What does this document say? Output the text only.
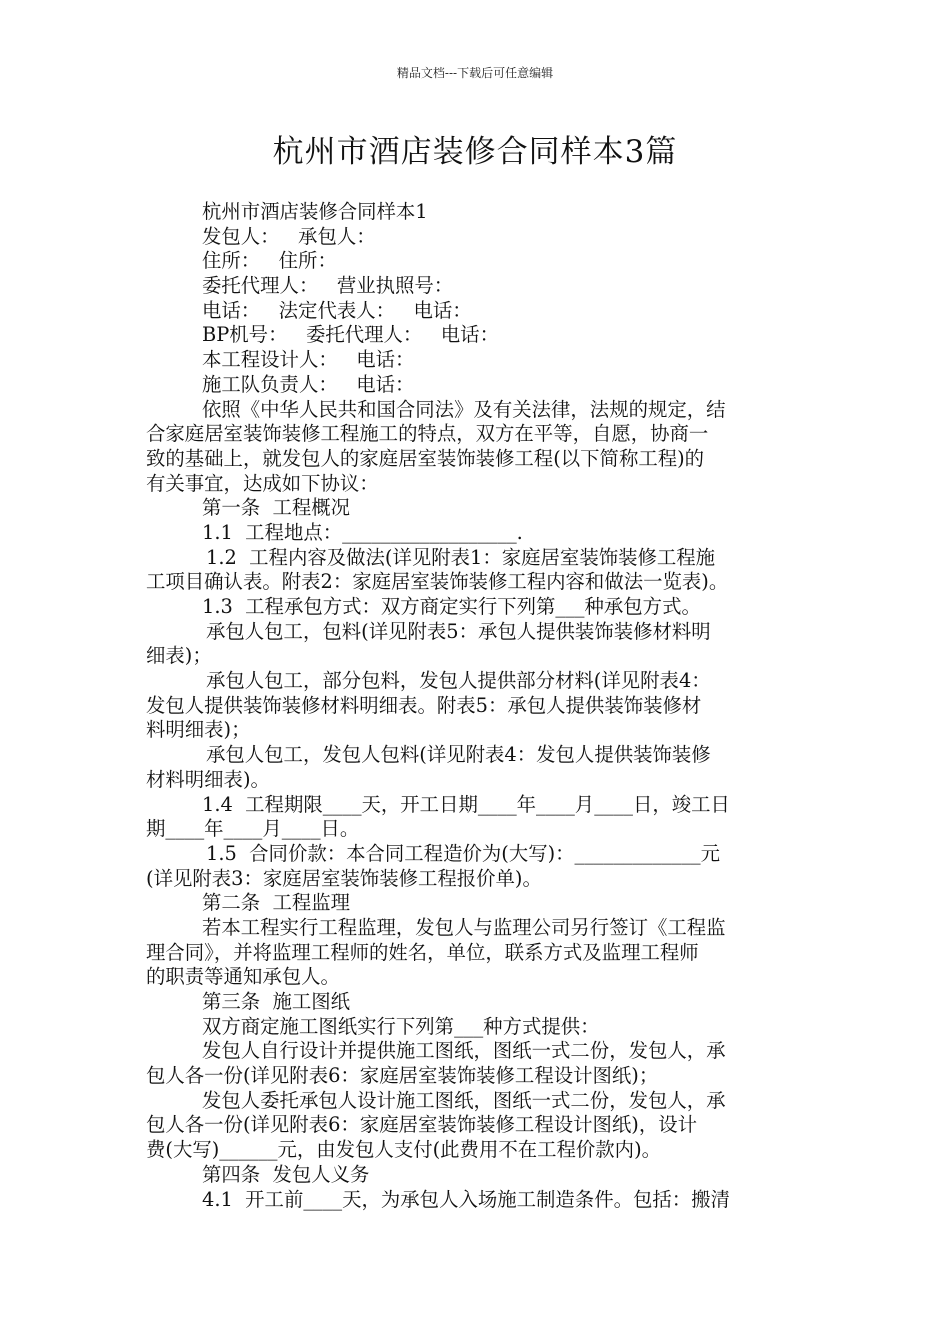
精品文档---下载后可任意编辑
杭州市酒店装修合同样本3篇
杭州市酒店装修合同样本1
发包人：   承包人：
住所：   住所：
委托代理人：   营业执照号：
电话：   法定代表人：   电话：
BP机号：   委托代理人：   电话：
本工程设计人：   电话：
施工队负责人：   电话：
依照《中华人民共和国合同法》及有关法律，法规的规定，结
合家庭居室装饰装修工程施工的特点，双方在平等，自愿，协商一
致的基础上，就发包人的家庭居室装饰装修工程(以下简称工程)的
有关事宜，达成如下协议：
第一条  工程概况
1.1  工程地点：__________________.
1.2  工程内容及做法(详见附表1：家庭居室装饰装修工程施
工项目确认表。附表2：家庭居室装饰装修工程内容和做法一览表)。
1.3  工程承包方式：双方商定实行下列第___种承包方式。
承包人包工，包料(详见附表5：承包人提供装饰装修材料明
细表)；
承包人包工，部分包料，发包人提供部分材料(详见附表4：
发包人提供装饰装修材料明细表。附表5：承包人提供装饰装修材
料明细表)；
承包人包工，发包人包料(详见附表4：发包人提供装饰装修
材料明细表)。
1.4  工程期限____天，开工日期____年____月____日，竣工日
期____年____月____日。
1.5  合同价款：本合同工程造价为(大写)：_____________元
(详见附表3：家庭居室装饰装修工程报价单)。
第二条  工程监理
若本工程实行工程监理，发包人与监理公司另行签订《工程监
理合同》，并将监理工程师的姓名，单位，联系方式及监理工程师
的职责等通知承包人。
第三条  施工图纸
双方商定施工图纸实行下列第___种方式提供：
发包人自行设计并提供施工图纸，图纸一式二份，发包人，承
包人各一份(详见附表6：家庭居室装饰装修工程设计图纸)；
发包人委托承包人设计施工图纸，图纸一式二份，发包人，承
包人各一份(详见附表6：家庭居室装饰装修工程设计图纸)，设计
费(大写)______元，由发包人支付(此费用不在工程价款内)。
第四条  发包人义务
4.1  开工前____天，为承包人入场施工制造条件。包括：搬清
